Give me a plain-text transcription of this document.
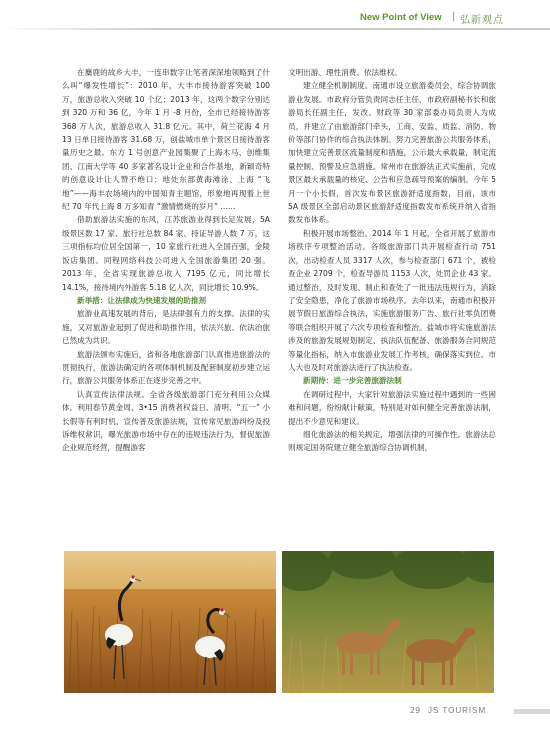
New Point of View | 弘新观点

在麋鹿的故乡大丰，一连串数字让笔者深深地领略到了什么叫“爆发性增长”：2010 年，大丰市接待游客突破 100 万，旅游总收入突破 10 个亿；2013 年，这两个数字分别达到 320 万和 36 亿，今年 1 月 -8 月份，全市已经接待游客 368 万人次，旅游总收入 31.8 亿元。其中，荷兰花海 4 月 13 日单日接待游客 31.68 万，创盐城市单个景区日接待游客量历史之最。东方 1 号创意产业园集聚了上海木马、创维集团、江南大学等 40 多家著名设计企业和合作基地，新颖奇特的创意设计让人赞不绝口；地处东部黄海滩涂、上海 “飞地”——海丰农场境内的中国知青主题馆，形象地再现着上世纪 70 年代上海 8 万多知青 “激情燃烧的岁月” ……

借助旅游法实施的东风，江苏旅游业得到长足发展，5A 级景区数 17 家、旅行社总数 84 家、持证导游人数 7 万，这三项指标均位居全国第一，10 家旅行社进入全国百强，金陵饭店集团、同程网络科技公司进入全国旅游集团 20 强。2013 年，全省实现旅游总收入 7195 亿元，同比增长 14.1%，接待境内外游客 5.18 亿人次，同比增长 10.9%。

新举措：让法律成为快速发展的助推剂

旅游业高速发展的背后，是法律强有力的支撑。法律的实施，又对旅游业起到了促进和助推作用，依法兴旅、依法治旅已然成为共识。

旅游法颁布实施后，省和各地旅游部门认真推进旅游法的贯彻执行，旅游法确定的各项体制机制及配套制度初步建立运行，旅游公共服务体系正在逐步完善之中。

认真宣传法律法规。全省各级旅游部门充分利用公众媒体，利用春节黄金周、3•15 消费者权益日、清明、“五一” 小长假等有利时机，宣传普及旅游法规，宣传常见旅游纠纷及投诉维权常识，曝光旅游市场中存在的违规违法行为，督促旅游企业规范经营，提醒游客

文明出游、理性消费、依法维权。

建立健全机制制度。南通市设立旅游委员会，综合协调旅游业发展。市政府分管负责同志任主任，市政府副秘书长和旅游局长任副主任，发改、财政等 30 家部委办局负责人为成员，并建立了由旅游部门牵头，工商、安监、质监、消防、物价等部门协作的综合执法体制。努力完善旅游公共服务体系，加快建立完善景区流量制度和措施，公示最大承载量，制定流量控制、预警及应急措施。常州市在旅游法正式实施前，完成景区最大承载量的核定、公告和应急疏导预案的编制。今年 5 月一个小长假，首次发布景区旅游舒适度指数，目前，该市 5A 级景区全部启动景区旅游舒适度指数发布系统并纳入省指数发布体系。

积极开展市场整治。2014 年 1 月起，全省开展了旅游市场秩序专项整治活动。各级旅游部门共开展检查行动 751 次，出动检查人员 3317 人次，参与检查部门 671 个，被检查企业 2709 个，检查导游员 1153 人次，处罚企业 43 家。通过整治，及时发现、制止和查处了一批违法违规行为，消除了安全隐患，净化了旅游市场秩序。去年以来，南通市积极开展节假日旅游综合执法，实施旅游服务广告、旅行社零负团费等联合组织开展了六次专项检查和整治。盐城市将实施旅游法涉及的旅游发展规划制定、执法队伍配备、旅游服务合同规范等量化指标，纳入市旅游业发展工作考核，确保落实到位。市人大也及时对旅游法进行了执法检查。

新期待：进一步完善旅游法制

在调研过程中，大家针对旅游法实施过程中遇到的一些困难和问题，纷纷献计献策，特别是对如何健全完善旅游法制，提出不少意见和建议。

细化旅游法的相关规定，增强法律的可操作性。旅游法总则规定国务院建立健全旅游综合协调机制，

29 JS TOURISM
